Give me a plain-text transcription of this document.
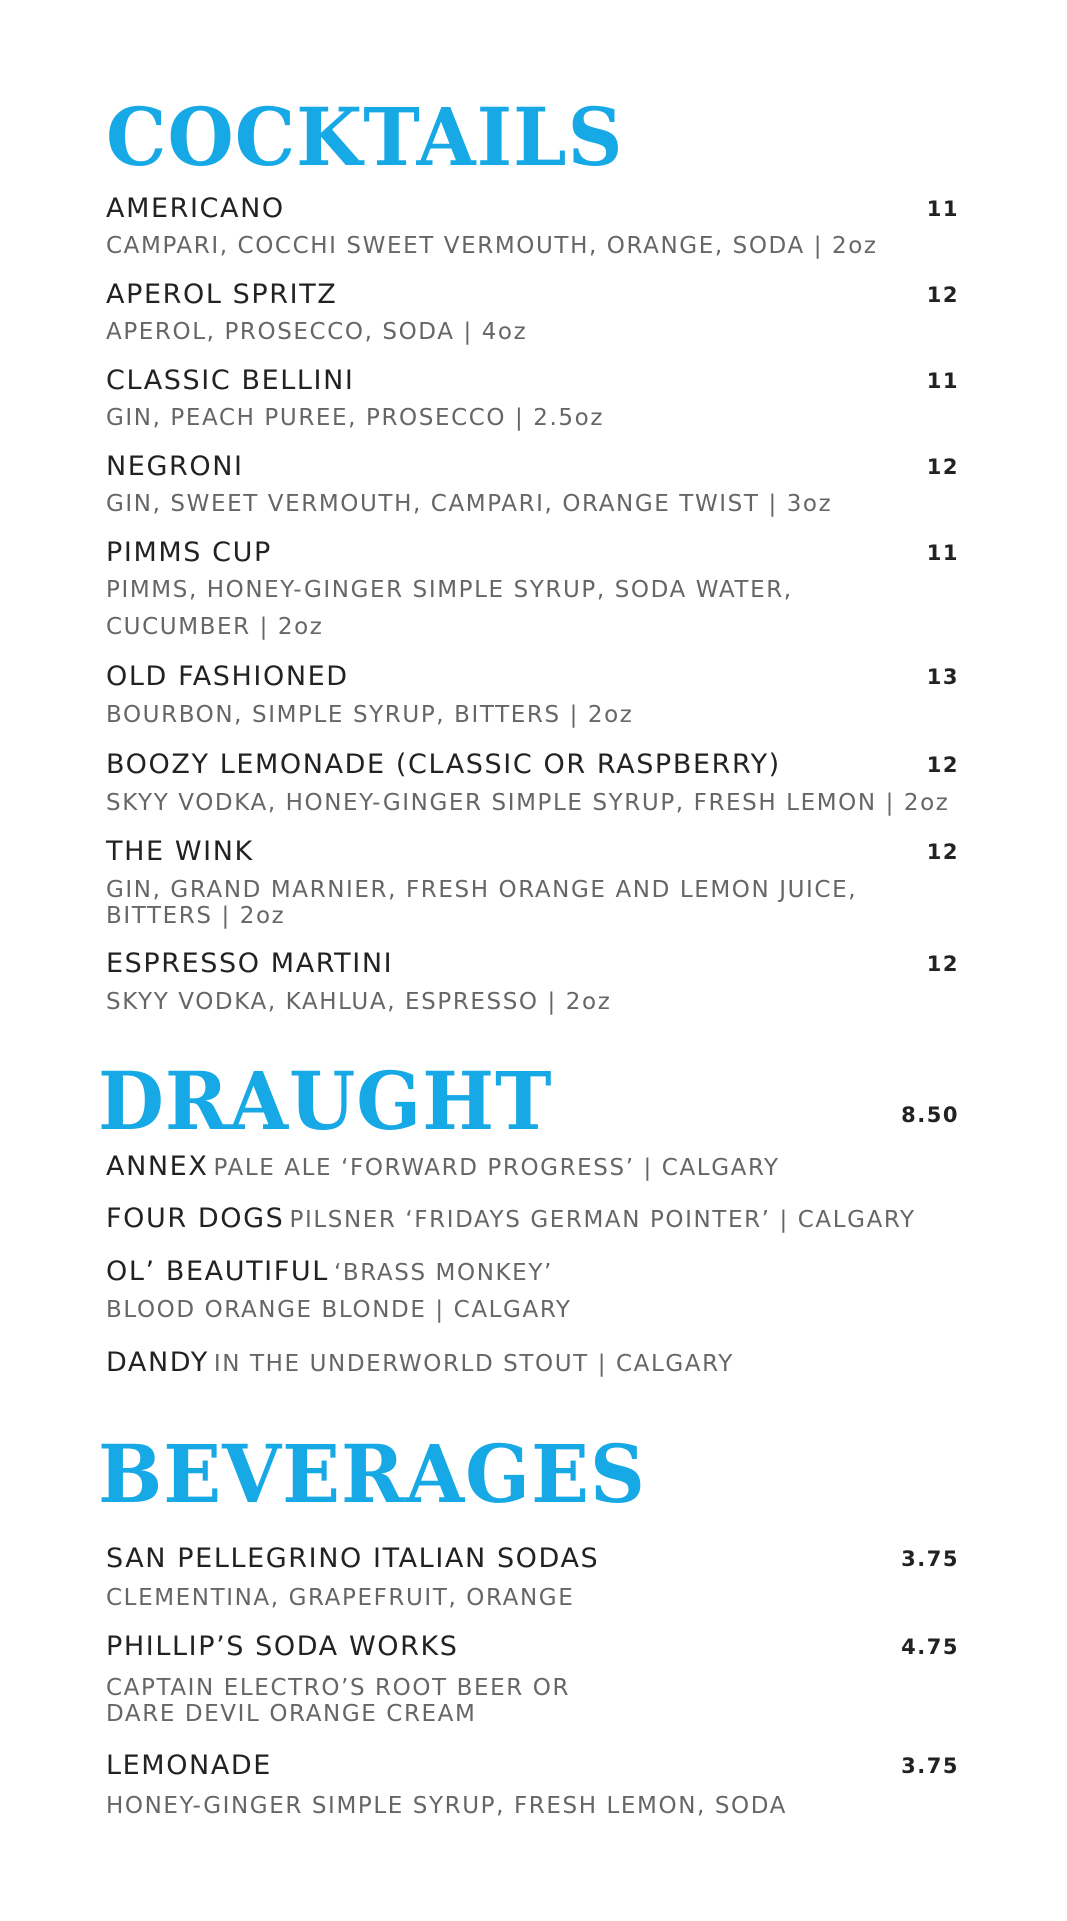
COCKTAILS
AMERICANO	11
CAMPARI, COCCHI SWEET VERMOUTH, ORANGE, SODA | 2oz
APEROL SPRITZ	12
APEROL, PROSECCO, SODA | 4oz
CLASSIC BELLINI	11
GIN, PEACH PUREE, PROSECCO | 2.5oz
NEGRONI	12
GIN, SWEET VERMOUTH, CAMPARI, ORANGE TWIST | 3oz
PIMMS CUP	11
PIMMS, HONEY-GINGER SIMPLE SYRUP, SODA WATER,
CUCUMBER | 2oz
OLD FASHIONED	13
BOURBON, SIMPLE SYRUP, BITTERS | 2oz
BOOZY LEMONADE (CLASSIC OR RASPBERRY)	12
SKYY VODKA, HONEY-GINGER SIMPLE SYRUP, FRESH LEMON | 2oz
THE WINK	12
GIN, GRAND MARNIER, FRESH ORANGE AND LEMON JUICE,
BITTERS | 2oz
ESPRESSO MARTINI	12
SKYY VODKA, KAHLUA, ESPRESSO | 2oz
DRAUGHT	8.50
ANNEX PALE ALE ‘FORWARD PROGRESS’ | CALGARY
FOUR DOGS PILSNER ‘FRIDAYS GERMAN POINTER’ | CALGARY
OL’ BEAUTIFUL ‘BRASS MONKEY’
BLOOD ORANGE BLONDE | CALGARY
DANDY IN THE UNDERWORLD STOUT | CALGARY
BEVERAGES
SAN PELLEGRINO ITALIAN SODAS	3.75
CLEMENTINA, GRAPEFRUIT, ORANGE
PHILLIP’S SODA WORKS	4.75
CAPTAIN ELECTRO’S ROOT BEER OR
DARE DEVIL ORANGE CREAM
LEMONADE	3.75
HONEY-GINGER SIMPLE SYRUP, FRESH LEMON, SODA
